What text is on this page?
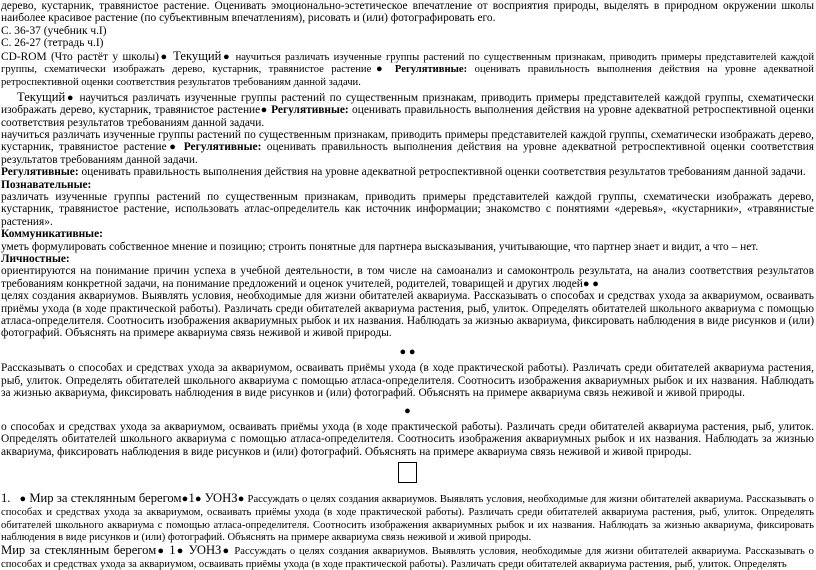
дерево, кустарник, травянистое растение. Оценивать эмоционально-эстетическое впечатление от восприятия природы, выделять в природном окружении школы наиболее красивое растение (по субъективным впечатлениям), рисовать и (или) фотографировать его.

С. 36-37 (учебник ч.I)

С. 26-27 (тетрадь ч.I)

CD-ROM (Что растёт у школы)● Текущий● научиться различать изученные группы растений по существенным признакам, приводить примеры представителей каждой группы, схематически изображать дерево, кустарник, травянистое растение● Регулятивные: оценивать правильность выполнения действия на уровне адекватной ретроспективной оценки соответствия результатов требованиям данной задачи.

Текущий● научиться различать изученные группы растений по существенным признакам, приводить примеры представителей каждой группы, схематически изображать дерево, кустарник, травянистое растение● Регулятивные: оценивать правильность выполнения действия на уровне адекватной ретроспективной оценки соответствия результатов требованиям данной задачи.

научиться различать изученные группы растений по существенным признакам, приводить примеры представителей каждой группы, схематически изображать дерево, кустарник, травянистое растение● Регулятивные: оценивать правильность выполнения действия на уровне адекватной ретроспективной оценки соответствия результатов требованиям данной задачи.

Регулятивные: оценивать правильность выполнения действия на уровне адекватной ретроспективной оценки соответствия результатов требованиям данной задачи.

Познавательные:

различать изученные группы растений по существенным признакам, приводить примеры представителей каждой группы, схематически изображать дерево, кустарник, травянистое растение, использовать атлас-определитель как источник информации; знакомство с понятиями «деревья», «кустарники», «травянистые растения».

Коммуникативные:

уметь формулировать собственное мнение и позицию; строить понятные для партнера высказывания, учитывающие, что партнер знает и видит, а что – нет.

Личностные:

ориентируются на понимание причин успеха в учебной деятельности, в том числе на самоанализ и самоконтроль результата, на анализ соответствия результатов требованиям конкретной задачи, на понимание предложений и оценок учителей, родителей, товарищей и других людей● ●

целях создания аквариумов. Выявлять условия, необходимые для жизни обитателей аквариума. Рассказывать о способах и средствах ухода за аквариумом, осваивать приёмы ухода (в ходе практической работы). Различать среди обитателей аквариума растения, рыб, улиток. Определять обитателей школьного аквариума с помощью атласа-определителя. Соотносить изображения аквариумных рыбок и их названия. Наблюдать за жизнью аквариума, фиксировать наблюдения в виде рисунков и (или) фотографий. Объяснять на примере аквариума связь неживой и живой природы.

● ●

Рассказывать о способах и средствах ухода за аквариумом, осваивать приёмы ухода (в ходе практической работы). Различать среди обитателей аквариума растения, рыб, улиток. Определять обитателей школьного аквариума с помощью атласа-определителя. Соотносить изображения аквариумных рыбок и их названия. Наблюдать за жизнью аквариума, фиксировать наблюдения в виде рисунков и (или) фотографий. Объяснять на примере аквариума связь неживой и живой природы.

●

о способах и средствах ухода за аквариумом, осваивать приёмы ухода (в ходе практической работы). Различать среди обитателей аквариума растения, рыб, улиток. Определять обитателей школьного аквариума с помощью атласа-определителя. Соотносить изображения аквариумных рыбок и их названия. Наблюдать за жизнью аквариума, фиксировать наблюдения в виде рисунков и (или) фотографий. Объяснять на примере аквариума связь неживой и живой природы.

1. ● Мир за стеклянным берегом●1● УОНЗ● Рассуждать о целях создания аквариумов. Выявлять условия, необходимые для жизни обитателей аквариума. Рассказывать о способах и средствах ухода за аквариумом, осваивать приёмы ухода (в ходе практической работы). Различать среди обитателей аквариума растения, рыб, улиток. Определять обитателей школьного аквариума с помощью атласа-определителя. Соотносить изображения аквариумных рыбок и их названия. Наблюдать за жизнью аквариума, фиксировать наблюдения в виде рисунков и (или) фотографий. Объяснять на примере аквариума связь неживой и живой природы.

Мир за стеклянным берегом● 1● УОНЗ● Рассуждать о целях создания аквариумов. Выявлять условия, необходимые для жизни обитателей аквариума. Рассказывать о способах и средствах ухода за аквариумом, осваивать приёмы ухода (в ходе практической работы). Различать среди обитателей аквариума растения, рыб, улиток. Определять
